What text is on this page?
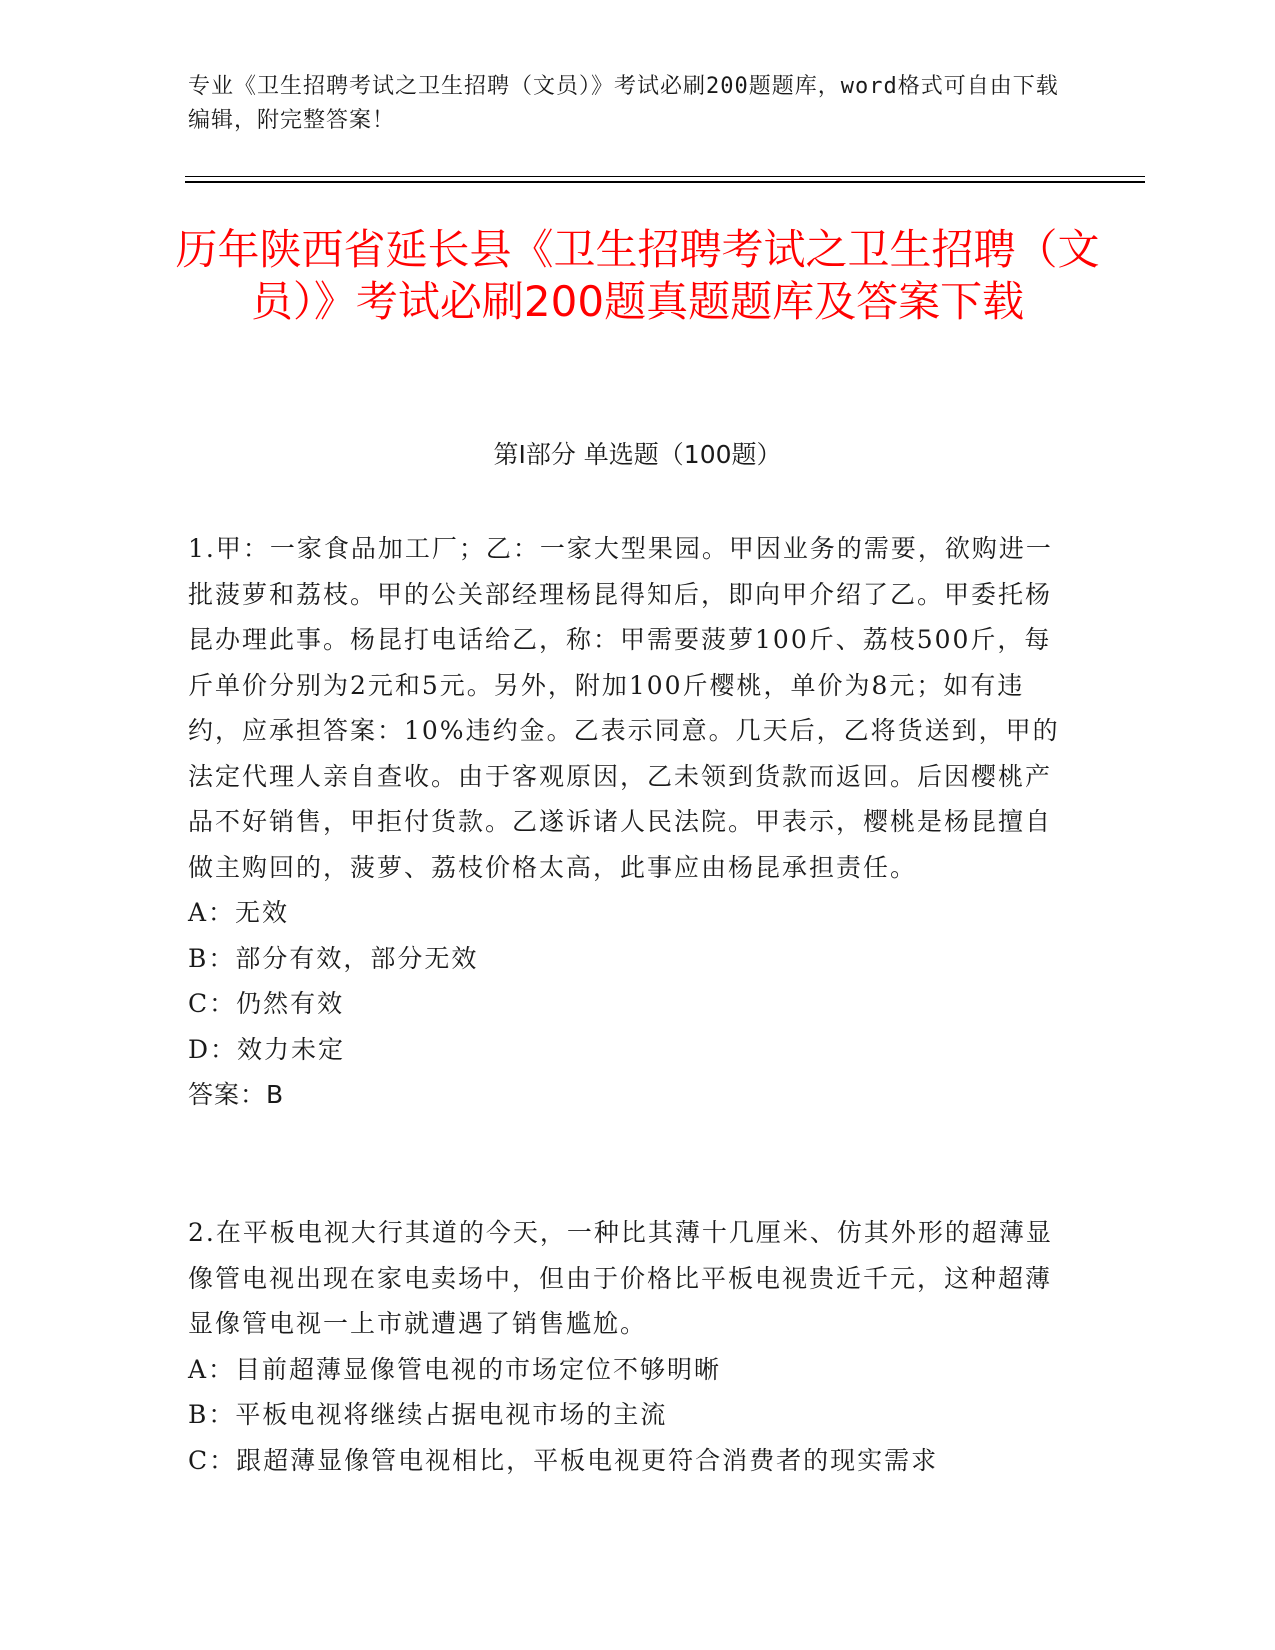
专业《卫生招聘考试之卫生招聘（文员）》考试必刷200题题库，word格式可自由下载编辑，附完整答案！
历年陕西省延长县《卫生招聘考试之卫生招聘（文员）》考试必刷200题真题题库及答案下载
第I部分 单选题（100题）

1.甲：一家食品加工厂；乙：一家大型果园。甲因业务的需要，欲购进一批菠萝和荔枝。甲的公关部经理杨昆得知后，即向甲介绍了乙。甲委托杨昆办理此事。杨昆打电话给乙，称：甲需要菠萝100斤、荔枝500斤，每斤单价分别为2元和5元。另外，附加100斤樱桃，单价为8元；如有违约，应承担答案：10%违约金。乙表示同意。几天后，乙将货送到，甲的法定代理人亲自查收。由于客观原因，乙未领到货款而返回。后因樱桃产品不好销售，甲拒付货款。乙遂诉诸人民法院。甲表示，樱桃是杨昆擅自做主购回的，菠萝、荔枝价格太高，此事应由杨昆承担责任。

A：无效

B：部分有效，部分无效

C：仍然有效

D：效力未定

答案：B

2.在平板电视大行其道的今天，一种比其薄十几厘米、仿其外形的超薄显像管电视出现在家电卖场中，但由于价格比平板电视贵近千元，这种超薄显像管电视一上市就遭遇了销售尴尬。

A：目前超薄显像管电视的市场定位不够明晰

B：平板电视将继续占据电视市场的主流

C：跟超薄显像管电视相比，平板电视更符合消费者的现实需求
